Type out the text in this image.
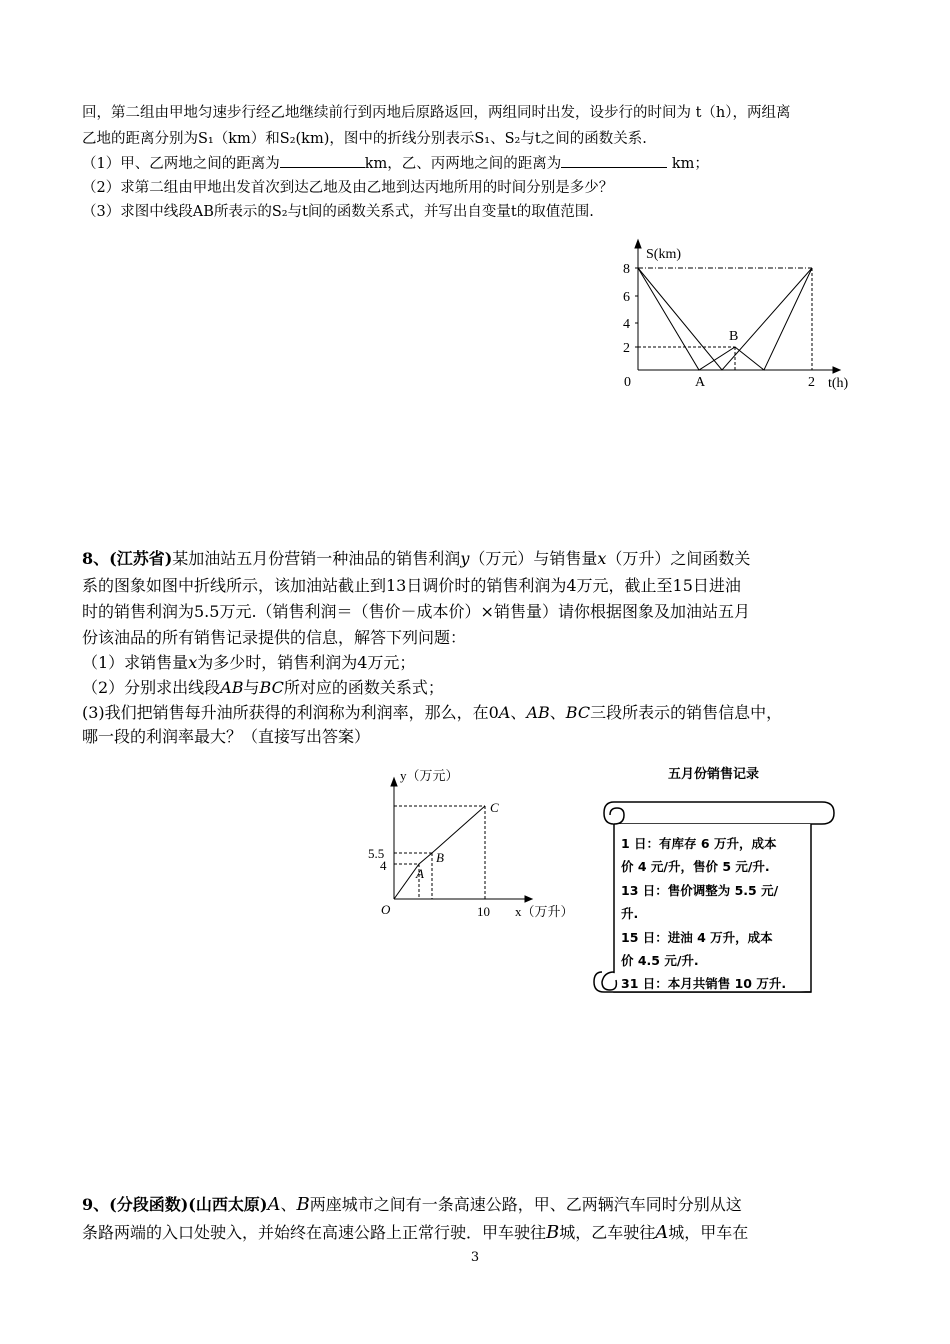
回，第二组由甲地匀速步行经乙地继续前行到丙地后原路返回，两组同时出发，设步行的时间为 t（h），两组离
乙地的距离分别为S₁（km）和S₂(km)，图中的折线分别表示S₁、S₂与t之间的函数关系.
（1）甲、乙两地之间的距离为	km，乙、丙两地之间的距离为	km；
（2）求第二组由甲地出发首次到达乙地及由乙地到达丙地所用的时间分别是多少？
（3）求图中线段AB所表示的S₂与t间的函数关系式，并写出自变量t的取值范围.
S(km)
8
6
4
2
0	A
B
2 t(h)
8、(江苏省)某加油站五月份营销一种油品的销售利润y（万元）与销售量x（万升）之间函数关
系的图象如图中折线所示，该加油站截止到13日调价时的销售利润为4万元，截止至15日进油
时的销售利润为5.5万元.（销售利润＝（售价－成本价）×销售量）请你根据图象及加油站五月
份该油品的所有销售记录提供的信息，解答下列问题：
（1）求销售量x为多少时，销售利润为4万元；
（2）分别求出线段AB与BC所对应的函数关系式；
(3)我们把销售每升油所获得的利润称为利润率，那么，在0A、AB、BC三段所表示的销售信息中，
哪一段的利润率最大？（直接写出答案）
y（万元）
5.5
4
O	10 x（万升）
A
B
C
五月份销售记录
1 日：有库存 6 万升，成本
价 4 元/升，售价 5 元/升.
13 日：售价调整为 5.5 元/
升.
15 日：进油 4 万升，成本
价 4.5 元/升.
31 日：本月共销售 10 万升.
9、(分段函数)(山西太原)A、B两座城市之间有一条高速公路，甲、乙两辆汽车同时分别从这
条路两端的入口处驶入，并始终在高速公路上正常行驶．甲车驶往B城，乙车驶往A城，甲车在
3
